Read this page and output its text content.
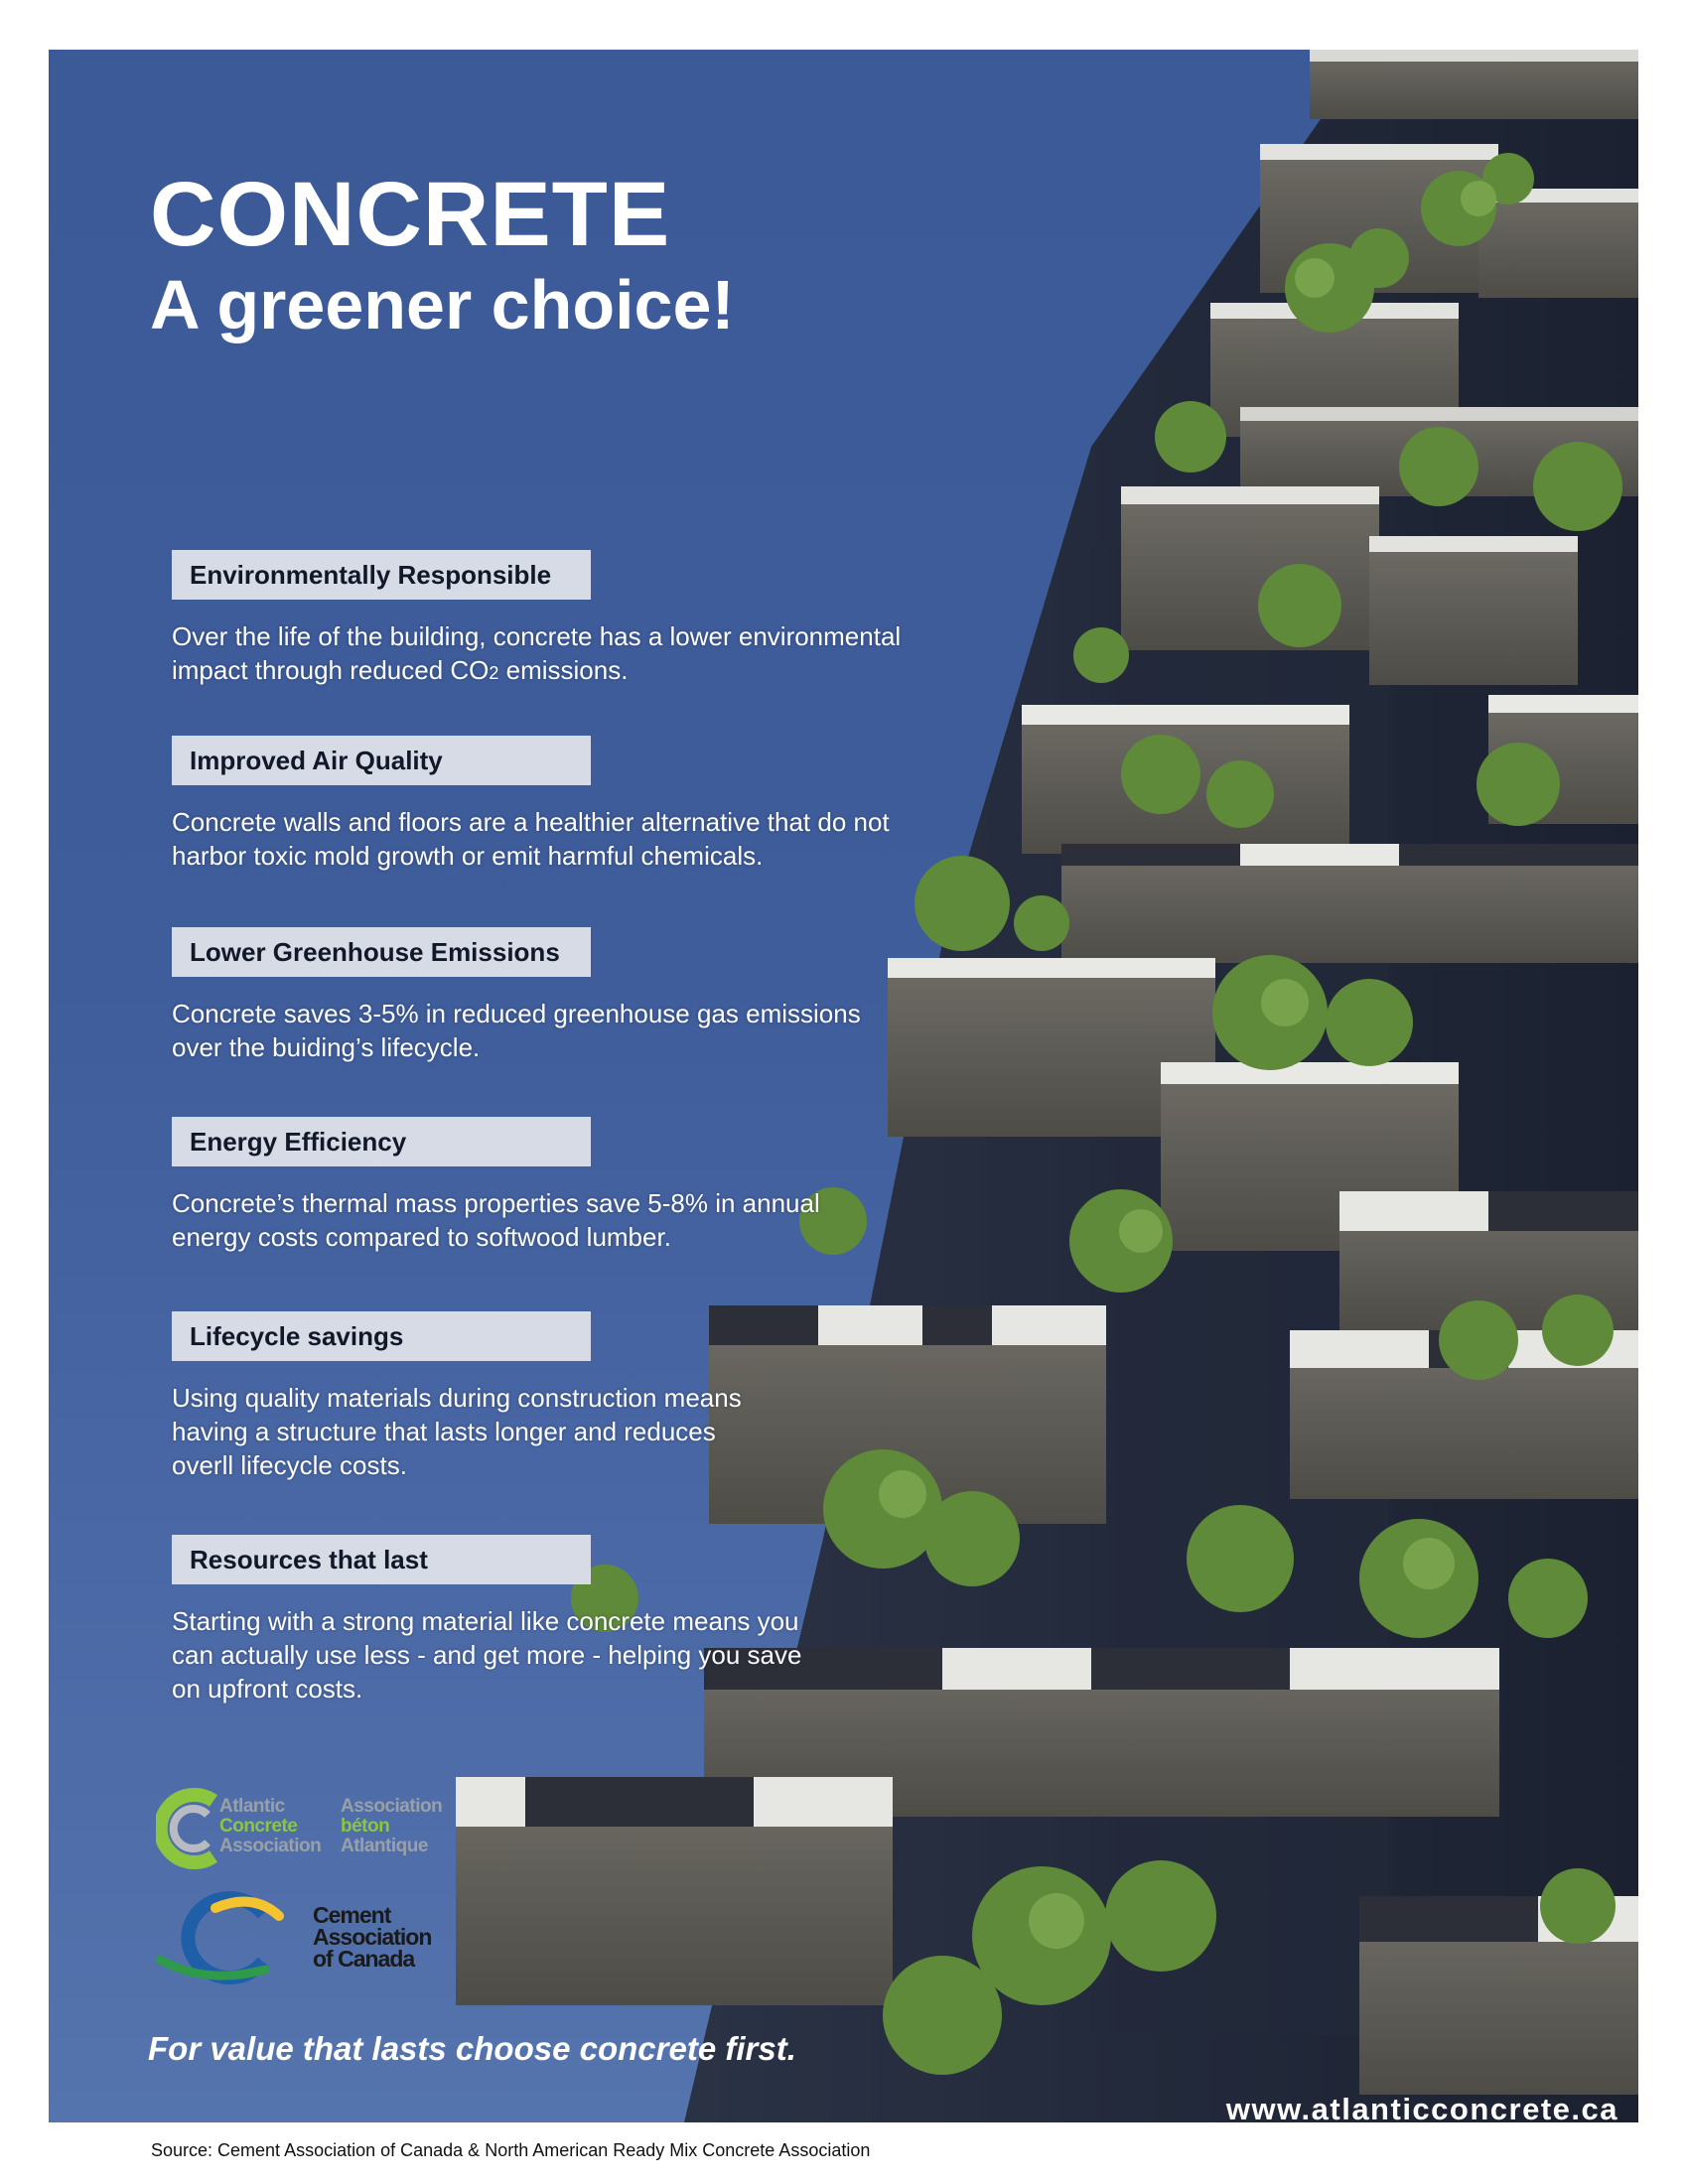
CONCRETE
A greener choice!
Environmentally Responsible

Over the life of the building, concrete has a lower environmental
impact through reduced CO2 emissions.

Improved Air Quality

Concrete walls and floors are a healthier alternative that do not
harbor toxic mold growth or emit harmful chemicals.

Lower Greenhouse Emissions

Concrete saves 3-5% in reduced greenhouse gas emissions
over the buiding’s lifecycle.

Energy Efficiency

Concrete’s thermal mass properties save 5-8% in annual
energy costs compared to softwood lumber.

Lifecycle savings

Using quality materials during construction means
having a structure that lasts longer and reduces
overll lifecycle costs.

Resources that last

Starting with a strong material like concrete means you
can actually use less - and get more - helping you save
on upfront costs.

Atlantic
Concrete
Association
Association
béton
Atlantique
Cement
Association
of Canada

For value that lasts choose concrete first.

www.atlanticconcrete.ca

Source: Cement Association of Canada & North American Ready Mix Concrete Association
